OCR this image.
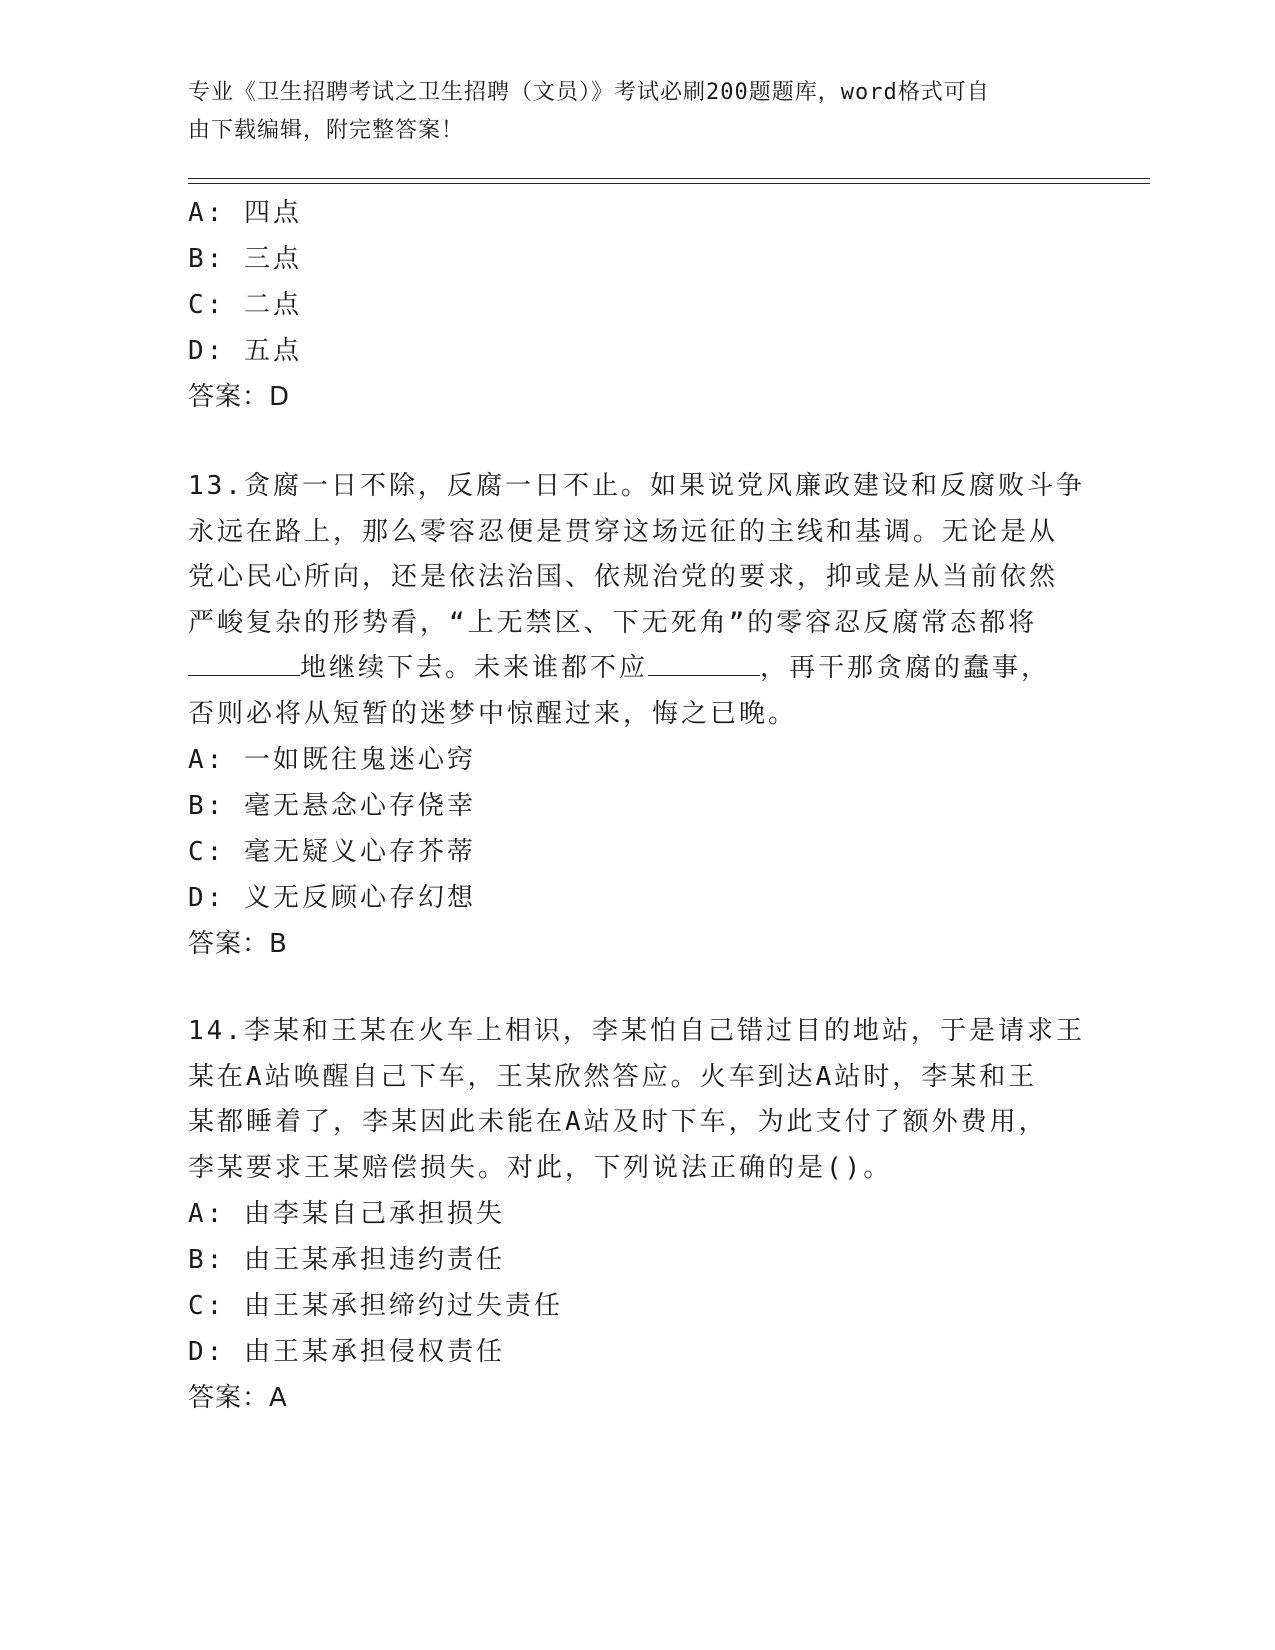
专业《卫生招聘考试之卫生招聘（文员）》考试必刷200题题库，word格式可自
由下载编辑，附完整答案！
A: 四点
B: 三点
C: 二点
D: 五点
答案：D
13.贪腐一日不除，反腐一日不止。如果说党风廉政建设和反腐败斗争
永远在路上，那么零容忍便是贯穿这场远征的主线和基调。无论是从
党心民心所向，还是依法治国、依规治党的要求，抑或是从当前依然
严峻复杂的形势看，“上无禁区、下无死角”的零容忍反腐常态都将
地继续下去。未来谁都不应	，再干那贪腐的蠢事，
否则必将从短暂的迷梦中惊醒过来，悔之已晚。
A: 一如既往鬼迷心窍
B: 毫无悬念心存侥幸
C: 毫无疑义心存芥蒂
D: 义无反顾心存幻想
答案：B
14.李某和王某在火车上相识，李某怕自己错过目的地站，于是请求王
某在A站唤醒自己下车，王某欣然答应。火车到达A站时，李某和王
某都睡着了，李某因此未能在A站及时下车，为此支付了额外费用，
李某要求王某赔偿损失。对此，下列说法正确的是()。
A: 由李某自己承担损失
B: 由王某承担违约责任
C: 由王某承担缔约过失责任
D: 由王某承担侵权责任
答案：A
